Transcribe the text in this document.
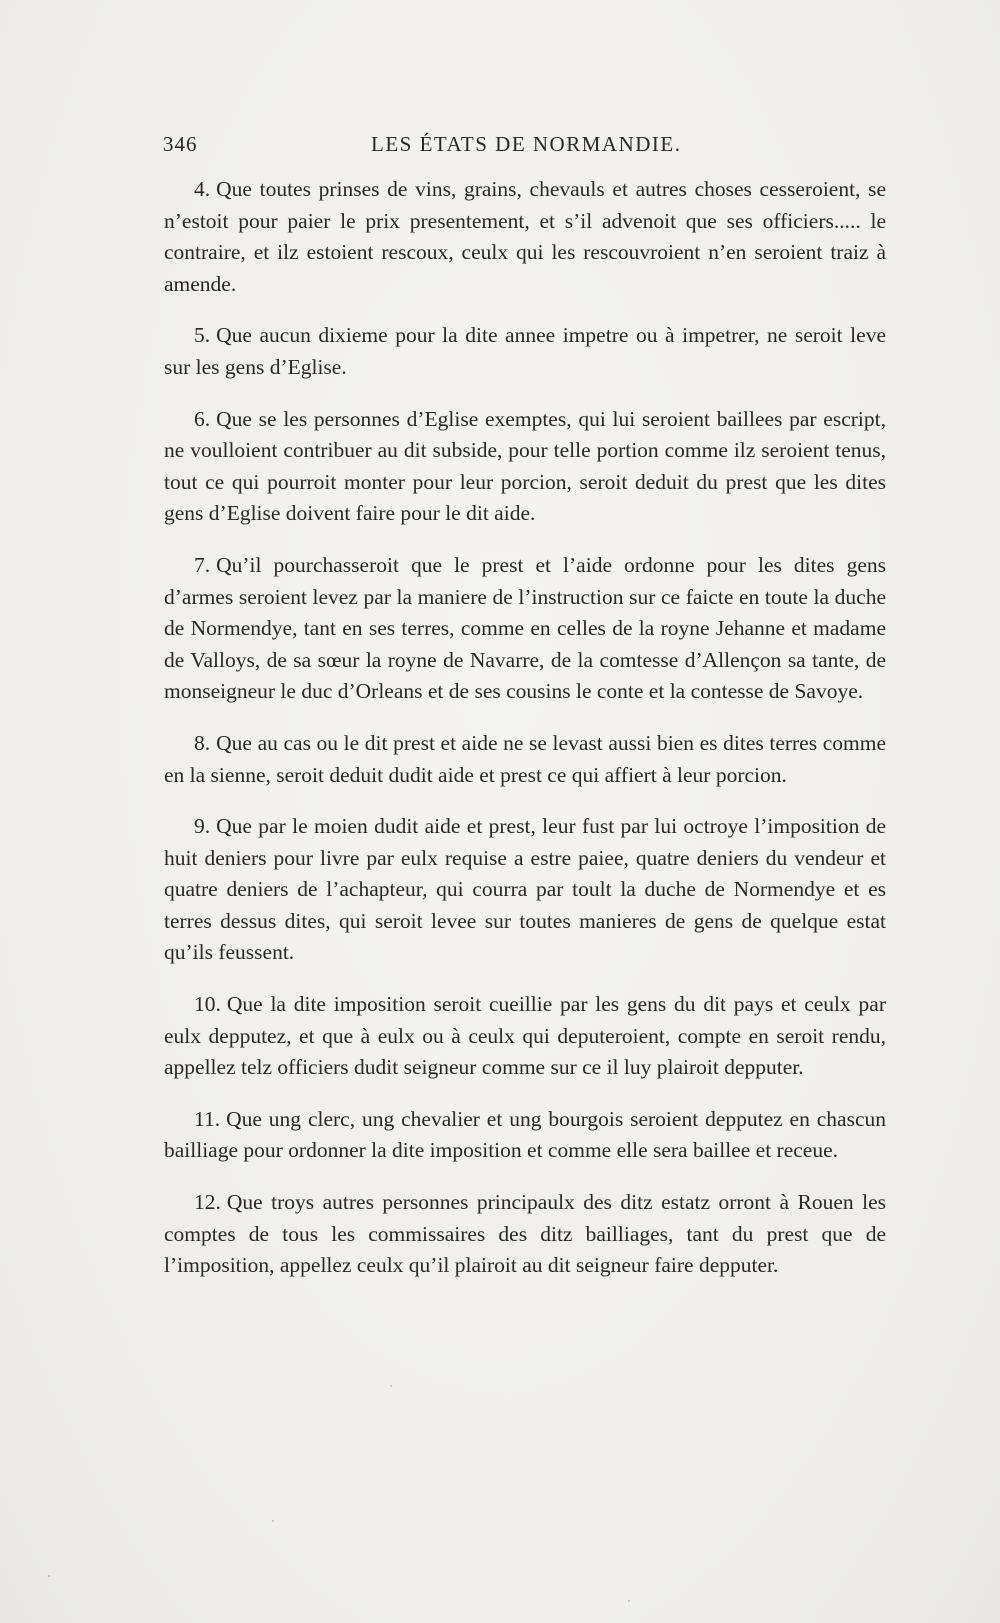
346	LES ÉTATS DE NORMANDIE.

4. Que toutes prinses de vins, grains, chevauls et autres choses cesseroient, se n’estoit pour paier le prix presentement, et s’il advenoit que ses officiers..... le contraire, et ilz estoient rescoux, ceulx qui les rescouvroient n’en seroient traiz à amende.

5. Que aucun dixieme pour la dite annee impetre ou à impetrer, ne seroit leve sur les gens d’Eglise.

6. Que se les personnes d’Eglise exemptes, qui lui seroient baillees par escript, ne voulloient contribuer au dit subside, pour telle portion comme ilz seroient tenus, tout ce qui pourroit monter pour leur porcion, seroit deduit du prest que les dites gens d’Eglise doivent faire pour le dit aide.

7. Qu’il pourchasseroit que le prest et l’aide ordonne pour les dites gens d’armes seroient levez par la maniere de l’instruction sur ce faicte en toute la duche de Normendye, tant en ses terres, comme en celles de la royne Jehanne et madame de Valloys, de sa sœur la royne de Navarre, de la comtesse d’Allençon sa tante, de monseigneur le duc d’Orleans et de ses cousins le conte et la contesse de Savoye.

8. Que au cas ou le dit prest et aide ne se levast aussi bien es dites terres comme en la sienne, seroit deduit dudit aide et prest ce qui affiert à leur porcion.

9. Que par le moien dudit aide et prest, leur fust par lui octroye l’imposition de huit deniers pour livre par eulx requise a estre paiee, quatre deniers du vendeur et quatre deniers de l’achapteur, qui courra par toult la duche de Normendye et es terres dessus dites, qui seroit levee sur toutes manieres de gens de quelque estat qu’ils feussent.

10. Que la dite imposition seroit cueillie par les gens du dit pays et ceulx par eulx depputez, et que à eulx ou à ceulx qui deputeroient, compte en seroit rendu, appellez telz officiers dudit seigneur comme sur ce il luy plairoit depputer.

11. Que ung clerc, ung chevalier et ung bourgois seroient depputez en chascun bailliage pour ordonner la dite imposition et comme elle sera baillee et receue.

12. Que troys autres personnes principaulx des ditz estatz orront à Rouen les comptes de tous les commissaires des ditz bailliages, tant du prest que de l’imposition, appellez ceulx qu’il plairoit au dit seigneur faire depputer.
